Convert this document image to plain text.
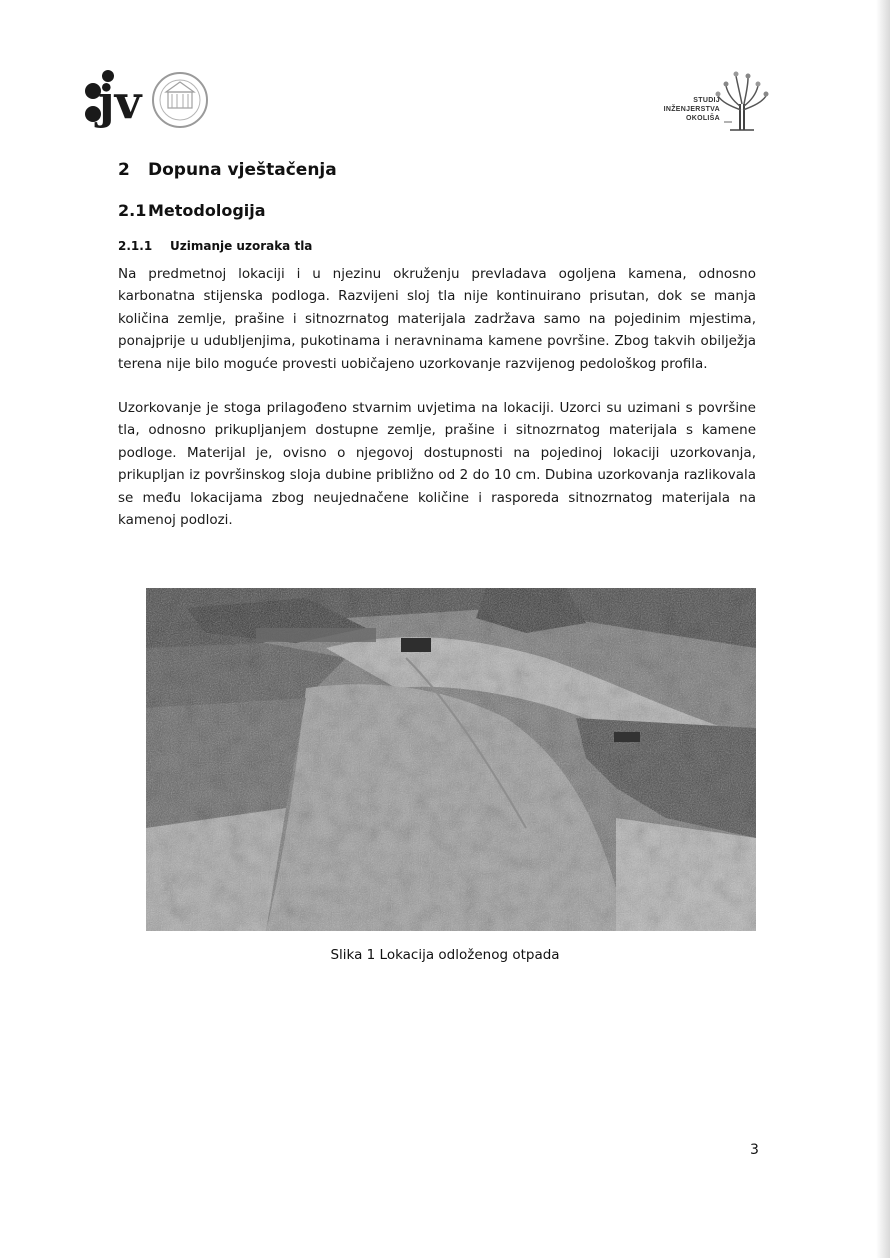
jv	STUDIJ
INŽENJERSTVA
OKOLIŠA
2 Dopuna vještačenja
2.1 Metodologija
2.1.1 Uzimanje uzoraka tla

Na predmetnoj lokaciji i u njezinu okruženju prevladava ogoljena kamena, odnosno karbonatna stijenska podloga. Razvijeni sloj tla nije kontinuirano prisutan, dok se manja količina zemlje, prašine i sitnozrnatog materijala zadržava samo na pojedinim mjestima, ponajprije u udubljenjima, pukotinama i neravninama kamene površine. Zbog takvih obilježja terena nije bilo moguće provesti uobičajeno uzorkovanje razvijenog pedološkog profila.

Uzorkovanje je stoga prilagođeno stvarnim uvjetima na lokaciji. Uzorci su uzimani s površine tla, odnosno prikupljanjem dostupne zemlje, prašine i sitnozrnatog materijala s kamene podloge. Materijal je, ovisno o njegovoj dostupnosti na pojedinoj lokaciji uzorkovanja, prikupljan iz površinskog sloja dubine približno od 2 do 10 cm. Dubina uzorkovanja razlikovala se među lokacijama zbog neujednačene količine i rasporeda sitnozrnatog materijala na kamenoj podlozi.

Slika 1 Lokacija odloženog otpada
3
